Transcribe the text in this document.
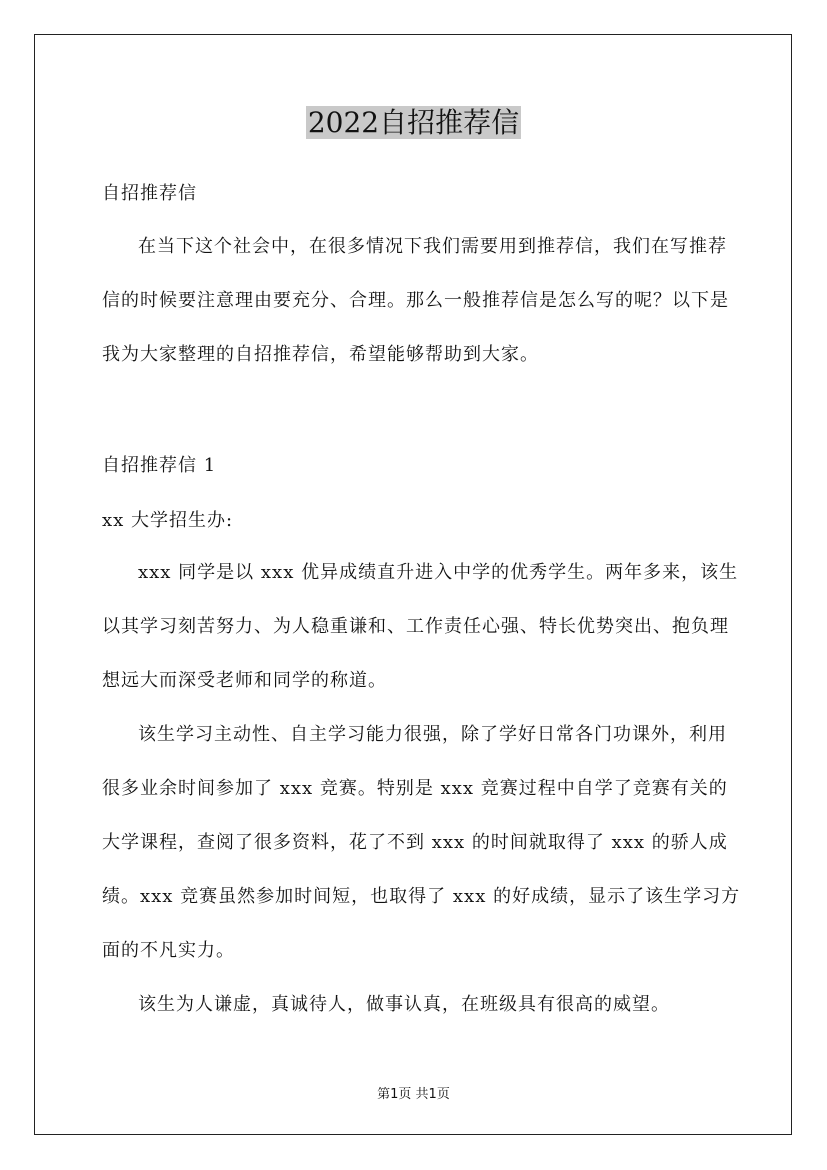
2022自招推荐信

自招推荐信

在当下这个社会中，在很多情况下我们需要用到推荐信，我们在写推荐信的时候要注意理由要充分、合理。那么一般推荐信是怎么写的呢？以下是我为大家整理的自招推荐信，希望能够帮助到大家。

自招推荐信 1

xx 大学招生办:

xxx 同学是以 xxx 优异成绩直升进入中学的优秀学生。两年多来，该生以其学习刻苦努力、为人稳重谦和、工作责任心强、特长优势突出、抱负理想远大而深受老师和同学的称道。

该生学习主动性、自主学习能力很强，除了学好日常各门功课外，利用很多业余时间参加了 xxx 竞赛。特别是 xxx 竞赛过程中自学了竞赛有关的大学课程，查阅了很多资料，花了不到 xxx 的时间就取得了 xxx 的骄人成绩。xxx 竞赛虽然参加时间短，也取得了 xxx 的好成绩，显示了该生学习方面的不凡实力。

该生为人谦虚，真诚待人，做事认真，在班级具有很高的威望。

第1页 共1页
